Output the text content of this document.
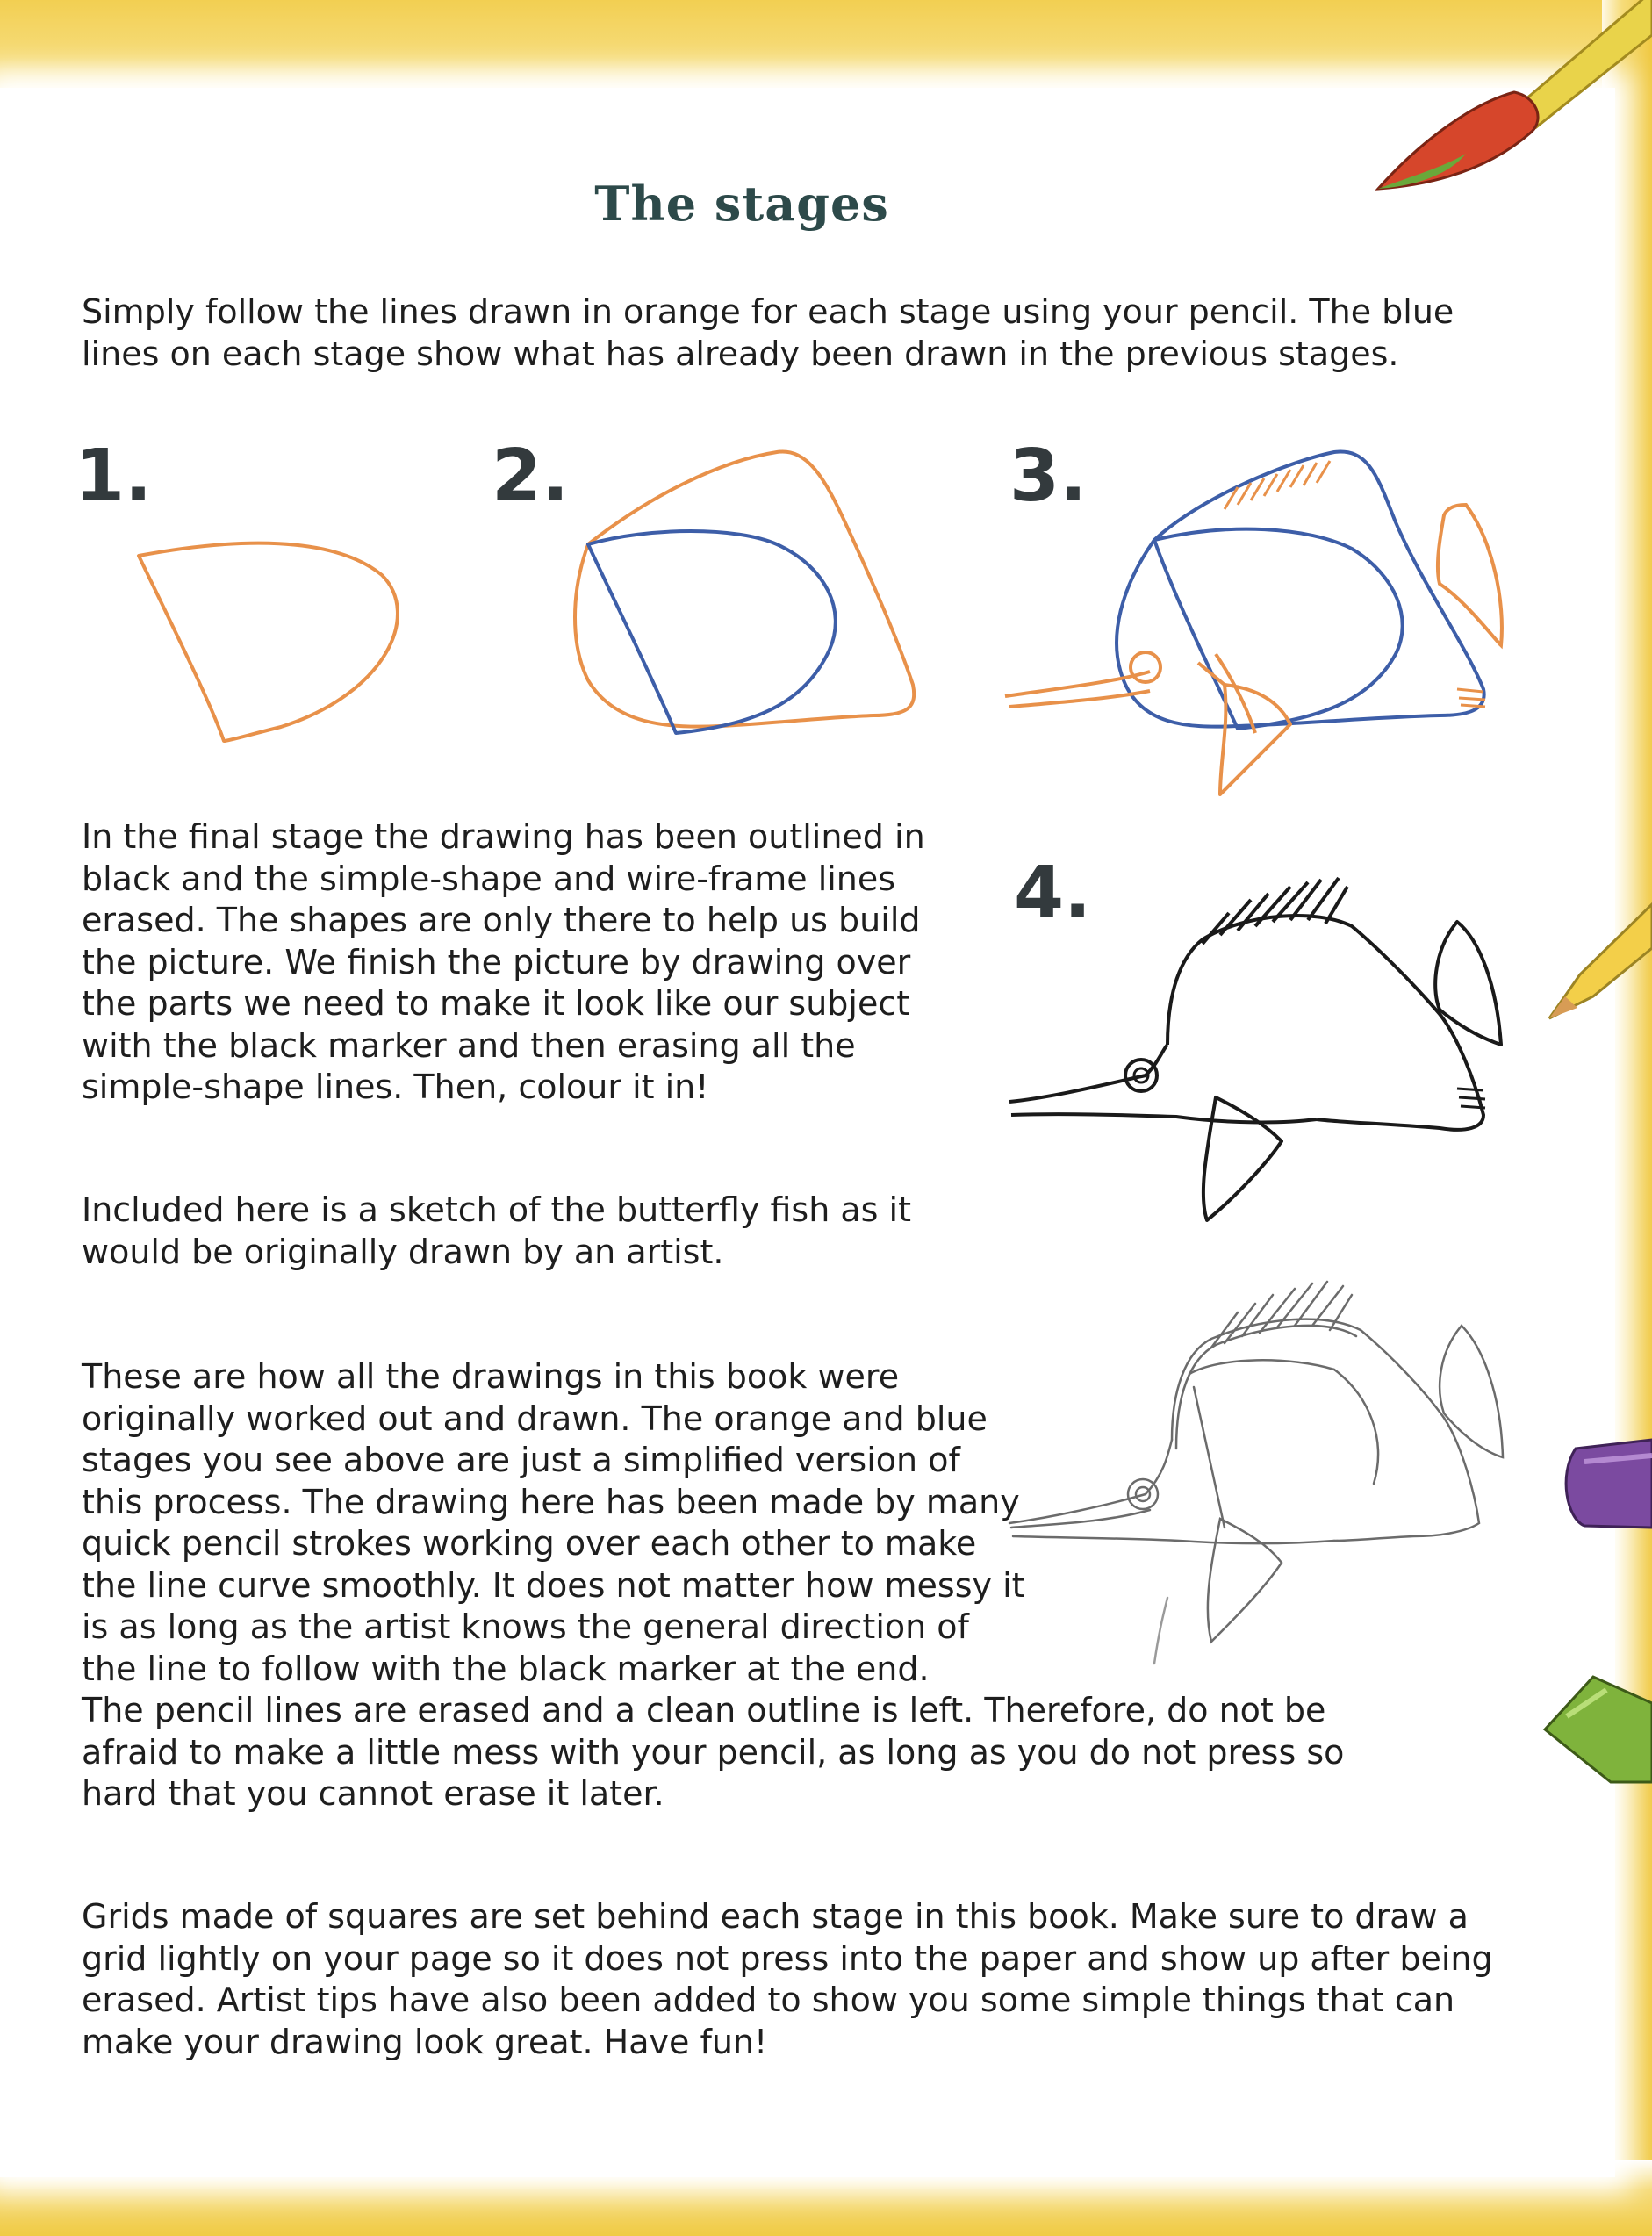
The stages

Simply follow the lines drawn in orange for each stage using your pencil. The blue lines on each stage show what has already been drawn in the previous stages.

1.	2.	3.
4.

In the final stage the drawing has been outlined in black and the simple-shape and wire-frame lines erased. The shapes are only there to help us build the picture. We finish the picture by drawing over the parts we need to make it look like our subject with the black marker and then erasing all the simple-shape lines. Then, colour it in!

Included here is a sketch of the butterfly fish as it would be originally drawn by an artist.

These are how all the drawings in this book were originally worked out and drawn. The orange and blue stages you see above are just a simplified version of this process. The drawing here has been made by many quick pencil strokes working over each other to make the line curve smoothly. It does not matter how messy it is as long as the artist knows the general direction of the line to follow with the black marker at the end.

The pencil lines are erased and a clean outline is left. Therefore, do not be afraid to make a little mess with your pencil, as long as you do not press so hard that you cannot erase it later.

Grids made of squares are set behind each stage in this book. Make sure to draw a grid lightly on your page so it does not press into the paper and show up after being erased. Artist tips have also been added to show you some simple things that can make your drawing look great. Have fun!
